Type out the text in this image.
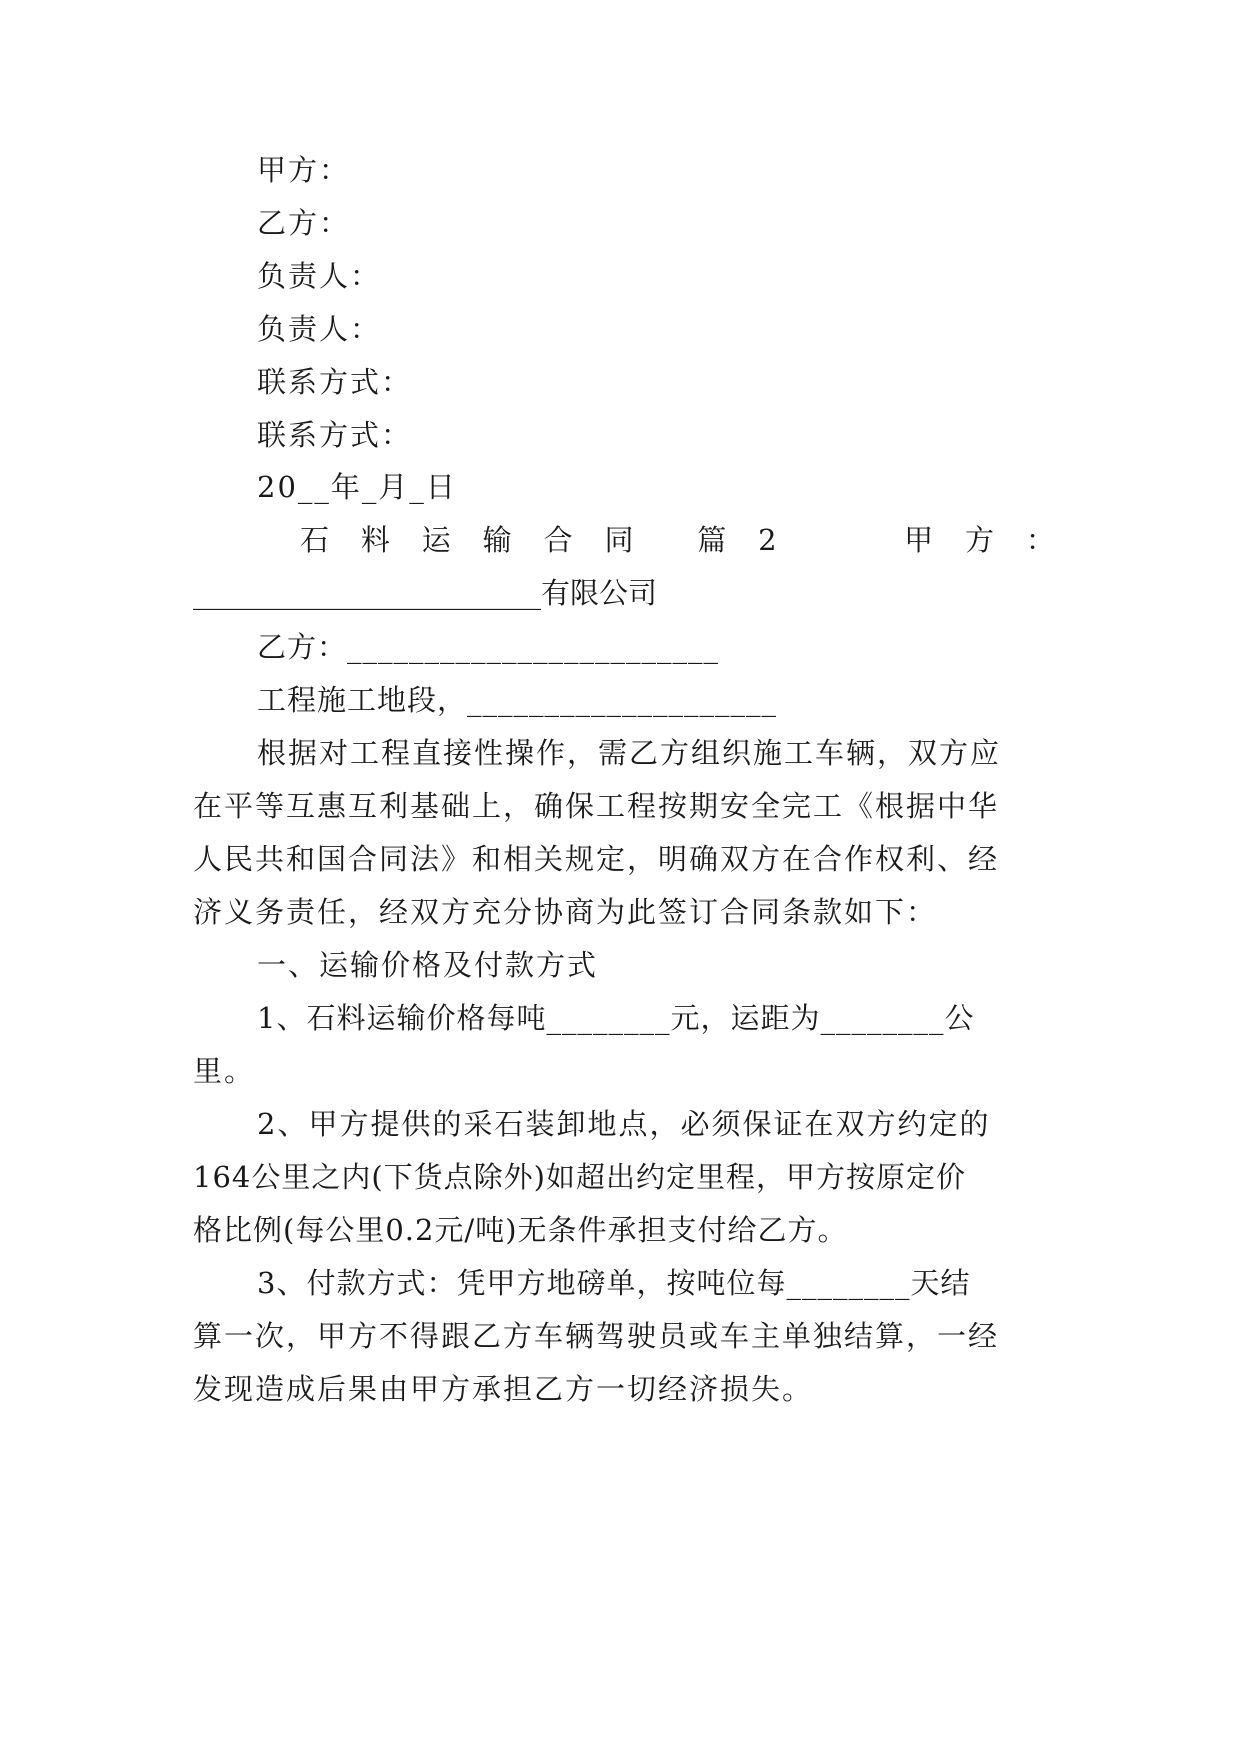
甲方：
乙方：
负责人：
负责人：
联系方式：
联系方式：
20__年_月_日
石 料 运 输 合 同 篇 2	甲 方 ：
________________________有限公司
乙方：________________________
工程施工地段，____________________
根据对工程直接性操作，需乙方组织施工车辆，双方应
在平等互惠互利基础上，确保工程按期安全完工《根据中华
人民共和国合同法》和相关规定，明确双方在合作权利、经
济义务责任，经双方充分协商为此签订合同条款如下：
一、运输价格及付款方式
1、石料运输价格每吨________元，运距为________公
里。
2、甲方提供的采石装卸地点，必须保证在双方约定的
164公里之内(下货点除外)如超出约定里程，甲方按原定价
格比例(每公里0.2元/吨)无条件承担支付给乙方。
3、付款方式：凭甲方地磅单，按吨位每________天结
算一次，甲方不得跟乙方车辆驾驶员或车主单独结算，一经
发现造成后果由甲方承担乙方一切经济损失。
